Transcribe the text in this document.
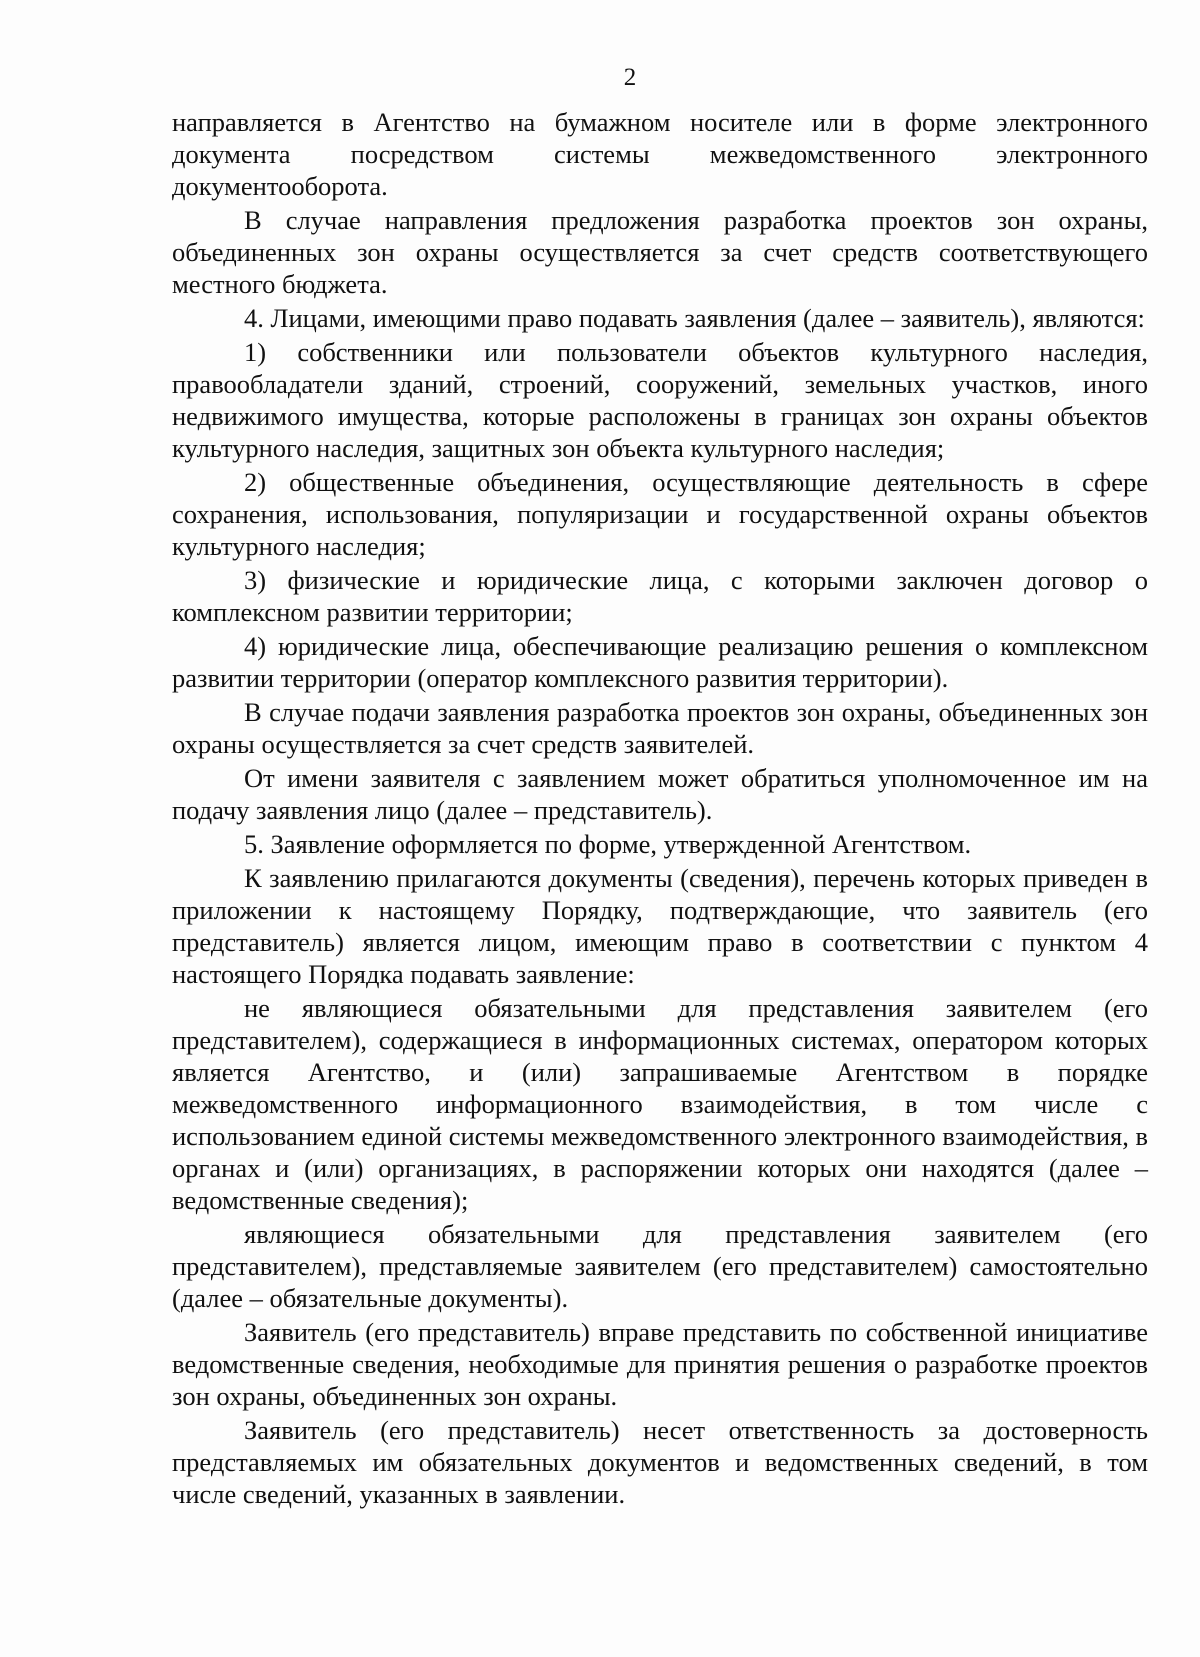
2

направляется в Агентство на бумажном носителе или в форме электронного документа посредством системы межведомственного электронного документооборота.

В случае направления предложения разработка проектов зон охраны, объединенных зон охраны осуществляется за счет средств соответствующего местного бюджета.

4. Лицами, имеющими право подавать заявления (далее – заявитель), являются:

1) собственники или пользователи объектов культурного наследия, правообладатели зданий, строений, сооружений, земельных участков, иного недвижимого имущества, которые расположены в границах зон охраны объектов культурного наследия, защитных зон объекта культурного наследия;

2) общественные объединения, осуществляющие деятельность в сфере сохранения, использования, популяризации и государственной охраны объектов культурного наследия;

3) физические и юридические лица, с которыми заключен договор о комплексном развитии территории;

4) юридические лица, обеспечивающие реализацию решения о комплексном развитии территории (оператор комплексного развития территории).

В случае подачи заявления разработка проектов зон охраны, объединенных зон охраны осуществляется за счет средств заявителей.

От имени заявителя с заявлением может обратиться уполномоченное им на подачу заявления лицо (далее – представитель).

5. Заявление оформляется по форме, утвержденной Агентством.

К заявлению прилагаются документы (сведения), перечень которых приведен в приложении к настоящему Порядку, подтверждающие, что заявитель (его представитель) является лицом, имеющим право в соответствии с пунктом 4 настоящего Порядка подавать заявление:

не являющиеся обязательными для представления заявителем (его представителем), содержащиеся в информационных системах, оператором которых является Агентство, и (или) запрашиваемые Агентством в порядке межведомственного информационного взаимодействия, в том числе с использованием единой системы межведомственного электронного взаимодействия, в органах и (или) организациях, в распоряжении которых они находятся (далее – ведомственные сведения);

являющиеся обязательными для представления заявителем (его представителем), представляемые заявителем (его представителем) самостоятельно (далее – обязательные документы).

Заявитель (его представитель) вправе представить по собственной инициативе ведомственные сведения, необходимые для принятия решения о разработке проектов зон охраны, объединенных зон охраны.

Заявитель (его представитель) несет ответственность за достоверность представляемых им обязательных документов и ведомственных сведений, в том числе сведений, указанных в заявлении.
